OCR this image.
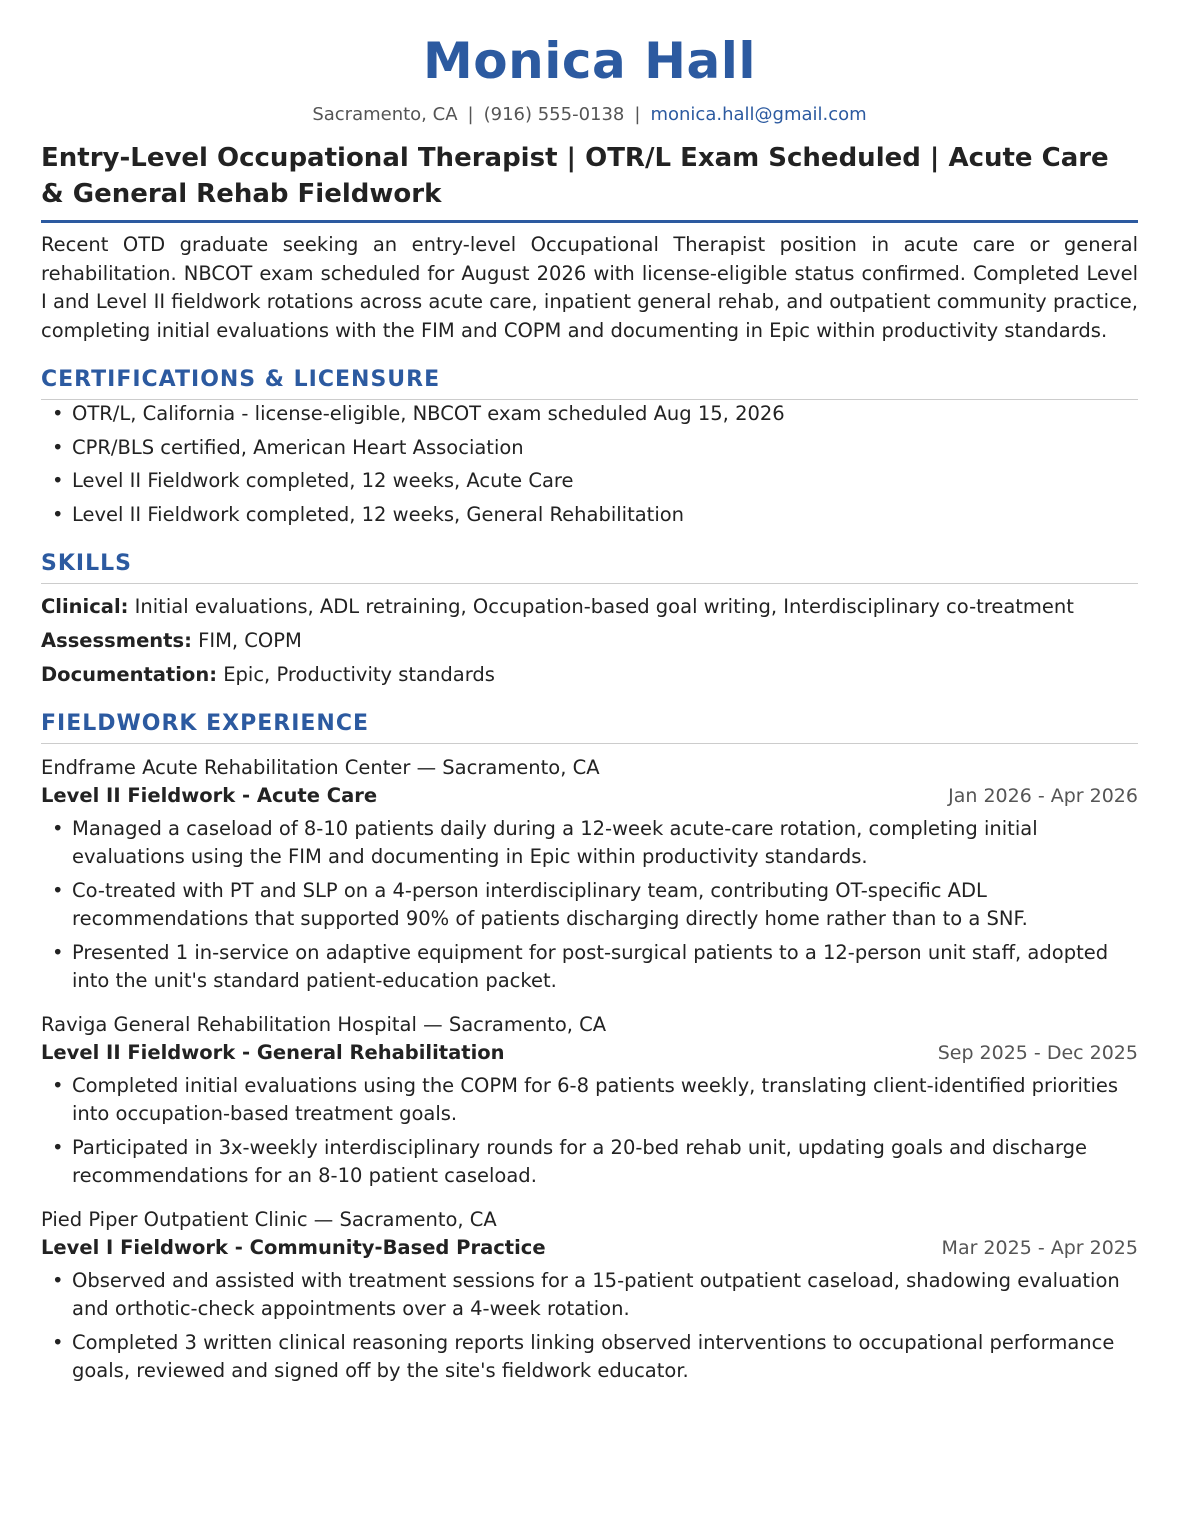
Monica Hall
Sacramento, CA | (916) 555-0138 | monica.hall@gmail.com
Entry-Level Occupational Therapist | OTR/L Exam Scheduled | Acute Care & General Rehab Fieldwork
Recent OTD graduate seeking an entry-level Occupational Therapist position in acute care or general rehabilitation. NBCOT exam scheduled for August 2026 with license-eligible status confirmed. Completed Level I and Level II fieldwork rotations across acute care, inpatient general rehab, and outpatient community practice, completing initial evaluations with the FIM and COPM and documenting in Epic within productivity standards.
CERTIFICATIONS & LICENSURE
• OTR/L, California - license-eligible, NBCOT exam scheduled Aug 15, 2026
• CPR/BLS certified, American Heart Association
• Level II Fieldwork completed, 12 weeks, Acute Care
• Level II Fieldwork completed, 12 weeks, General Rehabilitation
SKILLS
Clinical: Initial evaluations, ADL retraining, Occupation-based goal writing, Interdisciplinary co-treatment
Assessments: FIM, COPM
Documentation: Epic, Productivity standards
FIELDWORK EXPERIENCE
Endframe Acute Rehabilitation Center — Sacramento, CA
Level II Fieldwork - Acute Care	Jan 2026 - Apr 2026
• Managed a caseload of 8-10 patients daily during a 12-week acute-care rotation, completing initial evaluations using the FIM and documenting in Epic within productivity standards.
• Co-treated with PT and SLP on a 4-person interdisciplinary team, contributing OT-specific ADL recommendations that supported 90% of patients discharging directly home rather than to a SNF.
• Presented 1 in-service on adaptive equipment for post-surgical patients to a 12-person unit staff, adopted into the unit's standard patient-education packet.
Raviga General Rehabilitation Hospital — Sacramento, CA
Level II Fieldwork - General Rehabilitation	Sep 2025 - Dec 2025
• Completed initial evaluations using the COPM for 6-8 patients weekly, translating client-identified priorities into occupation-based treatment goals.
• Participated in 3x-weekly interdisciplinary rounds for a 20-bed rehab unit, updating goals and discharge recommendations for an 8-10 patient caseload.
Pied Piper Outpatient Clinic — Sacramento, CA
Level I Fieldwork - Community-Based Practice	Mar 2025 - Apr 2025
• Observed and assisted with treatment sessions for a 15-patient outpatient caseload, shadowing evaluation and orthotic-check appointments over a 4-week rotation.
• Completed 3 written clinical reasoning reports linking observed interventions to occupational performance goals, reviewed and signed off by the site's fieldwork educator.
